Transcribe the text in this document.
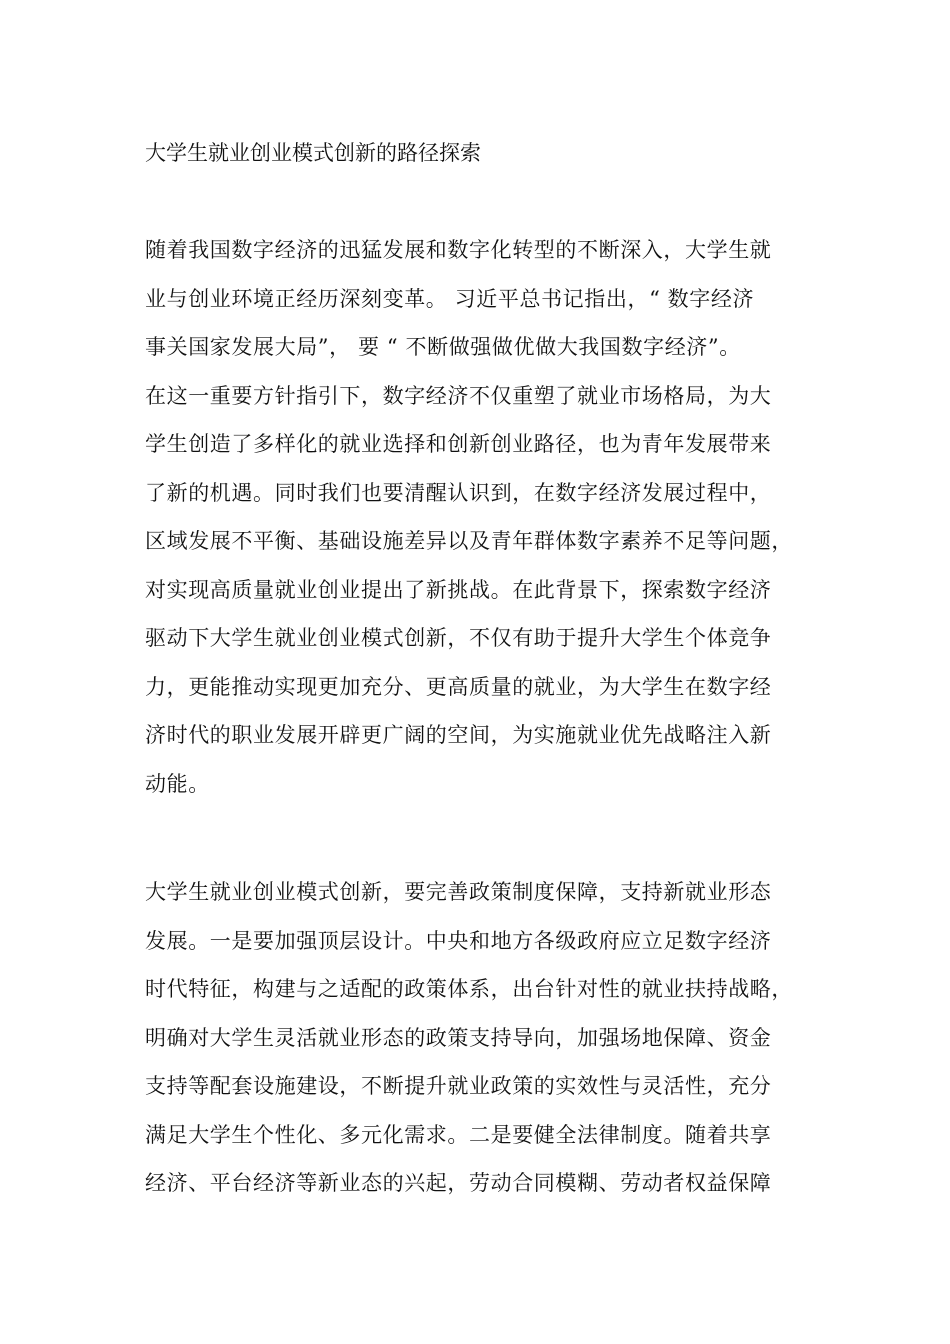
大学生就业创业模式创新的路径探索
随着我国数字经济的迅猛发展和数字化转型的不断深入，大学生就
业与创业环境正经历深刻变革。 习近平总书记指出，“ 数字经济
事关国家发展大局”， 要 “ 不断做强做优做大我国数字经济”。
在这一重要方针指引下，数字经济不仅重塑了就业市场格局，为大
学生创造了多样化的就业选择和创新创业路径，也为青年发展带来
了新的机遇。同时我们也要清醒认识到，在数字经济发展过程中，
区域发展不平衡、基础设施差异以及青年群体数字素养不足等问题，
对实现高质量就业创业提出了新挑战。在此背景下，探索数字经济
驱动下大学生就业创业模式创新，不仅有助于提升大学生个体竞争
力，更能推动实现更加充分、更高质量的就业，为大学生在数字经
济时代的职业发展开辟更广阔的空间，为实施就业优先战略注入新
动能。
大学生就业创业模式创新，要完善政策制度保障，支持新就业形态
发展。一是要加强顶层设计。中央和地方各级政府应立足数字经济
时代特征，构建与之适配的政策体系，出台针对性的就业扶持战略，
明确对大学生灵活就业形态的政策支持导向，加强场地保障、资金
支持等配套设施建设，不断提升就业政策的实效性与灵活性，充分
满足大学生个性化、多元化需求。二是要健全法律制度。随着共享
经济、平台经济等新业态的兴起，劳动合同模糊、劳动者权益保障
